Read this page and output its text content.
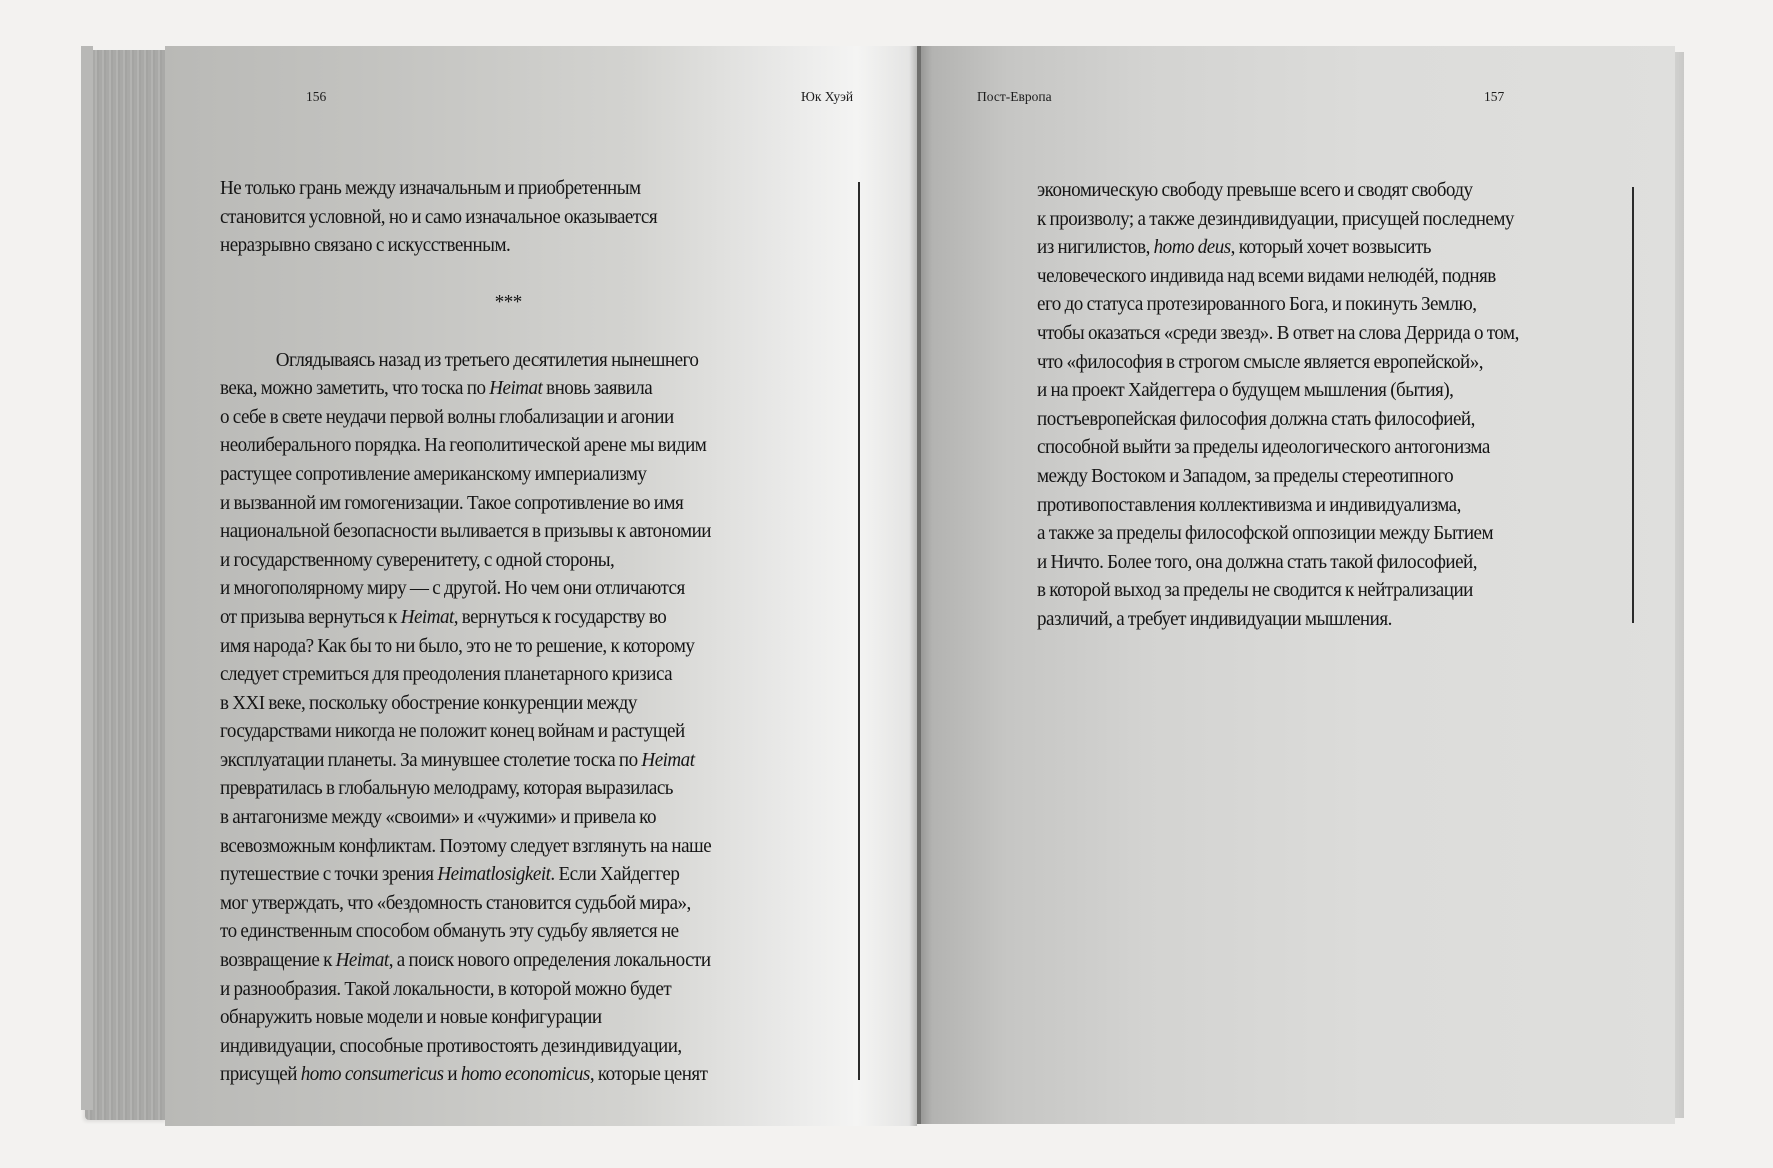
156	Юк Хуэй	Пост-Европа	157
Не только грань между изначальным и приобретенным
становится условной, но и само изначальное оказывается
неразрывно связано с искусственным.
***
Оглядываясь назад из третьего десятилетия нынешнего
века, можно заметить, что тоска по Heimat вновь заявила
о себе в свете неудачи первой волны глобализации и агонии
неолиберального порядка. На геополитической арене мы видим
растущее сопротивление американскому империализму
и вызванной им гомогенизации. Такое сопротивление во имя
национальной безопасности выливается в призывы к автономии
и государственному суверенитету, с одной стороны,
и многополярному миру — с другой. Но чем они отличаются
от призыва вернуться к Heimat, вернуться к государству во
имя народа? Как бы то ни было, это не то решение, к которому
следует стремиться для преодоления планетарного кризиса
в XXI веке, поскольку обострение конкуренции между
государствами никогда не положит конец войнам и растущей
эксплуатации планеты. За минувшее столетие тоска по Heimat
превратилась в глобальную мелодраму, которая выразилась
в антагонизме между «своими» и «чужими» и привела ко
всевозможным конфликтам. Поэтому следует взглянуть на наше
путешествие с точки зрения Heimatlosigkeit. Если Хайдеггер
мог утверждать, что «бездомность становится судьбой мира»,
то единственным способом обмануть эту судьбу является не
возвращение к Heimat, а поиск нового определения локальности
и разнообразия. Такой локальности, в которой можно будет
обнаружить новые модели и новые конфигурации
индивидуации, способные противостоять дезиндивидуации,
присущей homo consumericus и homo economicus, которые ценят
экономическую свободу превыше всего и сводят свободу
к произволу; а также дезиндивидуации, присущей последнему
из нигилистов, homo deus, который хочет возвысить
человеческого индивида над всеми видами нелюдéй, подняв
его до статуса протезированного Бога, и покинуть Землю,
чтобы оказаться «среди звезд». В ответ на слова Деррида о том,
что «философия в строгом смысле является европейской»,
и на проект Хайдеггера о будущем мышления (бытия),
постъевропейская философия должна стать философией,
способной выйти за пределы идеологического антогонизма
между Востоком и Западом, за пределы стереотипного
противопоставления коллективизма и индивидуализма,
а также за пределы философской оппозиции между Бытием
и Ничто. Более того, она должна стать такой философией,
в которой выход за пределы не сводится к нейтрализации
различий, а требует индивидуации мышления.
